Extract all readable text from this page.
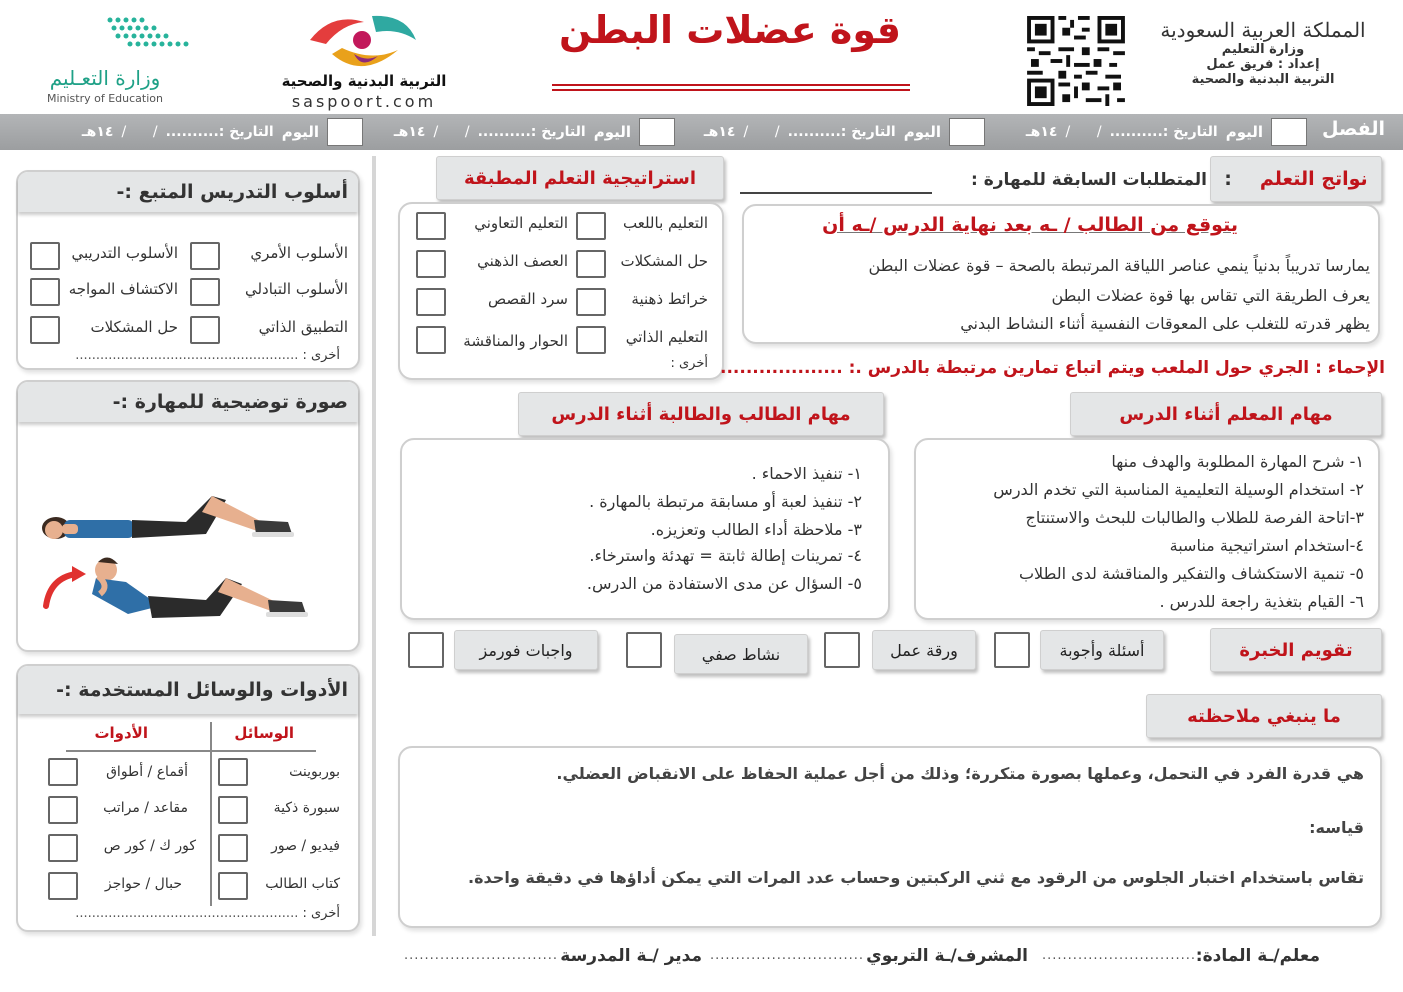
المملكة العربية السعودية
وزارة التعليم
إعداد : فريق عمل
التربية البدنية والصحية
قوة عضلات البطن
التربية البدنية والصحية
saspoort.com
وزارة التعـليم
Ministry of Education
الفصل
اليوم
التاريخ :..........
/      /
١٤هـ
اليوم
التاريخ :..........
/      /
١٤هـ
اليوم
التاريخ :..........
/      /
١٤هـ
اليوم
التاريخ :..........
/      /
١٤هـ
نواتج التعلم
:
المتطلبات السابقة للمهارة :
يتوقع من الطالب / ـه بعد نهاية الدرس /ـه أن
يمارسا تدريباً بدنياً ينمي عناصر اللياقة المرتبطة بالصحة – قوة عضلات البطن
يعرف الطريقة التي تقاس بها قوة عضلات البطن
يظهر قدرته للتغلب على المعوقات النفسية أثناء النشاط البدني
استراتيجية التعلم المطبقة
التعليم باللعب
حل المشكلات
خرائط ذهنية
التعليم الذاتي
التعليم التعاوني
العصف الذهني
سرد القصص
الحوار والمناقشة
أخرى :	الإحماء : الجري حول الملعب ويتم اتباع تمارين مرتبطة بالدرس .: ...................
مهام المعلم أثناء الدرس
١- شرح المهارة المطلوبة والهدف منها
٢- استخدام الوسيلة التعليمية المناسبة التي تخدم الدرس
٣-اتاحة الفرصة للطلاب والطالبات للبحث والاستنتاج
٤-استخدام استراتيجية مناسبة
٥- تنمية الاستكشاف والتفكير والمناقشة لدى الطلاب
٦- القيام بتغذية راجعة للدرس .
مهام الطالب والطالبة أثناء الدرس
١- تنفيذ الاحماء .
٢- تنفيذ لعبة أو مسابقة مرتبطة بالمهارة .
٣- ملاحظة أداء الطالب وتعزيزه.
٤- تمرينات إطالة ثابتة = تهدئة واسترخاء.
٥- السؤال عن مدى الاستفادة من الدرس.
تقويم الخبرة
أسئلة وأجوبة
ورقة عمل
نشاط صفي
واجبات فورمز
ما ينبغي ملاحظته
هي قدرة الفرد في التحمل، وعملها بصورة متكررة؛ وذلك من أجل عملية الحفاظ على الانقباض العضلي.
قياسه:
تقاس باستخدام اختبار الجلوس من الرقود مع ثني الركبتين وحساب عدد المرات التي يمكن أداؤها في دقيقة واحدة.
معلم/ـة المادة:
..............................
المشرف/ـة التربوي
..............................
مدير /ـة المدرسة
..............................
أسلوب التدريس المتبع :-
الأسلوب الأمري
الأسلوب التبادلي
التطبيق الذاتي
الأسلوب التدريبي
الاكتشاف المواجه
حل المشكلات
أخرى : ......................................................
صورة توضيحية للمهارة :-
الأدوات والوسائل المستخدمة :-
الوسائل
الأدوات
بوربوينت
سبورة ذكية
فيديو / صور
كتاب الطالب
أقماع / أطواق
مقاعد / مراتب
كور ك / كور ص
حبال / حواجز
أخرى : ......................................................
